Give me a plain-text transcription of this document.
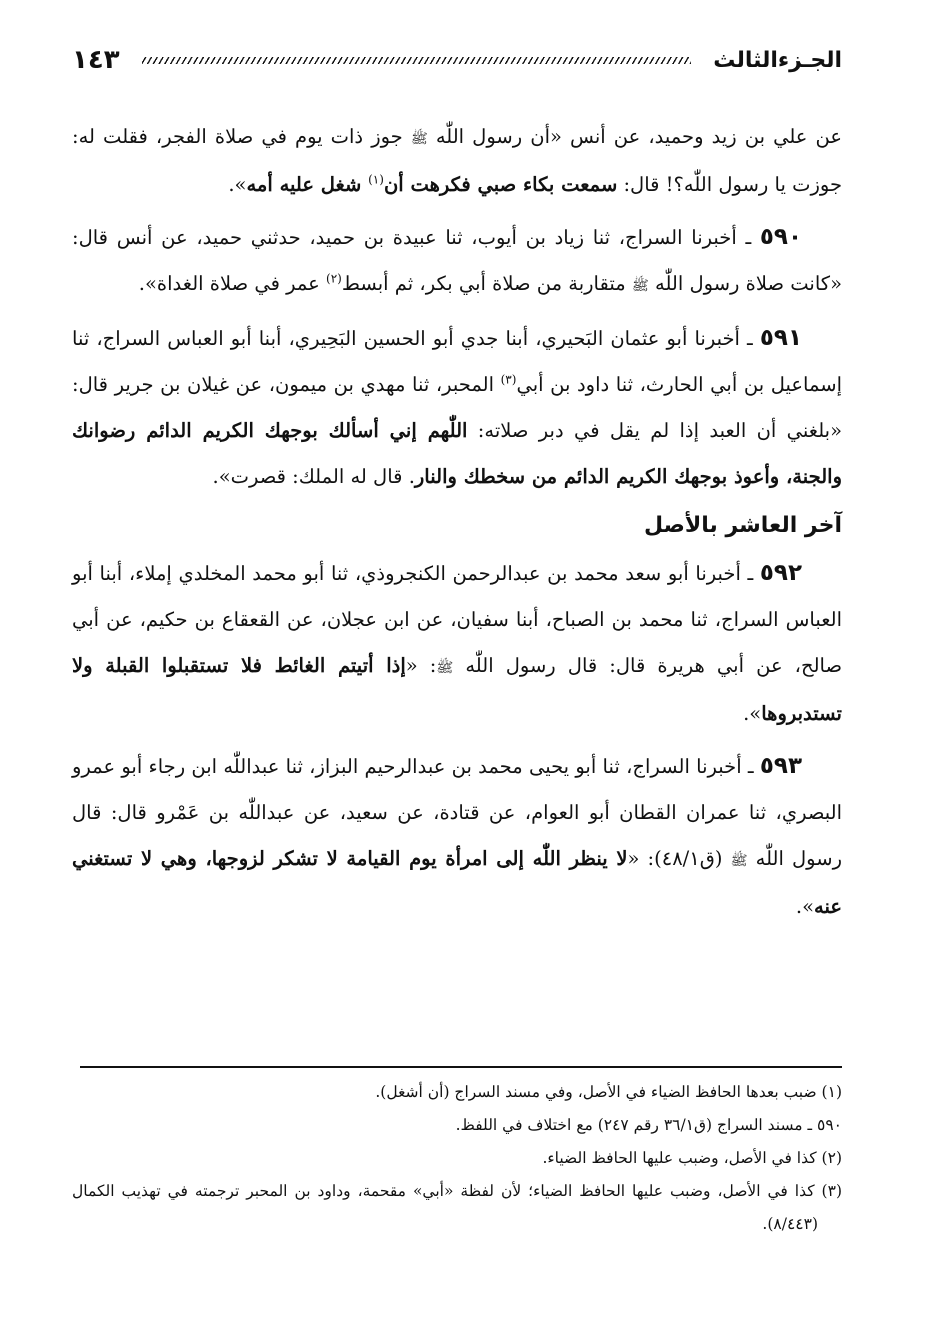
الجـزءالثالث
١٤٣

عن علي بن زيد وحميد، عن أنس «أن رسول اللّٰه ﷺ جوز ذات يوم في صلاة الفجر، فقلت له: جوزت يا رسول اللّٰه؟! قال: سمعت بكاء صبي فكرهت أن$^{(١)}$ شغل عليه أمه».

٥٩٠ ـ أخبرنا السراج، ثنا زياد بن أيوب، ثنا عبيدة بن حميد، حدثني حميد، عن أنس قال: «كانت صلاة رسول اللّٰه ﷺ متقاربة من صلاة أبي بكر، ثم أبسط$^{(٢)}$ عمر في صلاة الغداة».

٥٩١ ـ أخبرنا أبو عثمان البَحيري، أبنا جدي أبو الحسين البَحِيري، أبنا أبو العباس السراج، ثنا إسماعيل بن أبي الحارث، ثنا داود بن أبي$^{(٣)}$ المحبر، ثنا مهدي بن ميمون، عن غيلان بن جرير قال: «بلغني أن العبد إذا لم يقل في دبر صلاته: اللّٰهم إني أسألك بوجهك الكريم الدائم رضوانك والجنة، وأعوذ بوجهك الكريم الدائم من سخطك والنار. قال له الملك: قصرت».

آخر العاشر بالأصل

٥٩٢ ـ أخبرنا أبو سعد محمد بن عبدالرحمن الكنجروذي، ثنا أبو محمد المخلدي إملاء، أبنا أبو العباس السراج، ثنا محمد بن الصباح، أبنا سفيان، عن ابن عجلان، عن القعقاع بن حكيم، عن أبي صالح، عن أبي هريرة قال: قال رسول اللّٰه ﷺ: «إذا أتيتم الغائط فلا تستقبلوا القبلة ولا تستدبروها».

٥٩٣ ـ أخبرنا السراج، ثنا أبو يحيى محمد بن عبدالرحيم البزاز، ثنا عبداللّٰه ابن رجاء أبو عمرو البصري، ثنا عمران القطان أبو العوام، عن قتادة، عن سعيد، عن عبداللّٰه بن عَمْرو قال: قال رسول اللّٰه ﷺ (ق٤٨/١): «لا ينظر اللّٰه إلى امرأة يوم القيامة لا تشكر لزوجها، وهي لا تستغني عنه».

(١) ضبب بعدها الحافظ الضياء في الأصل، وفي مسند السراج (أن أشغل).

٥٩٠ ـ مسند السراج (ق٣٦/١ رقم ٢٤٧) مع اختلاف في اللفظ.

(٢) كذا في الأصل، وضبب عليها الحافظ الضياء.

(٣) كذا في الأصل، وضبب عليها الحافظ الضياء؛ لأن لفظة «أبي» مقحمة، وداود بن المحبر ترجمته في تهذيب الكمال (٨/٤٤٣).
